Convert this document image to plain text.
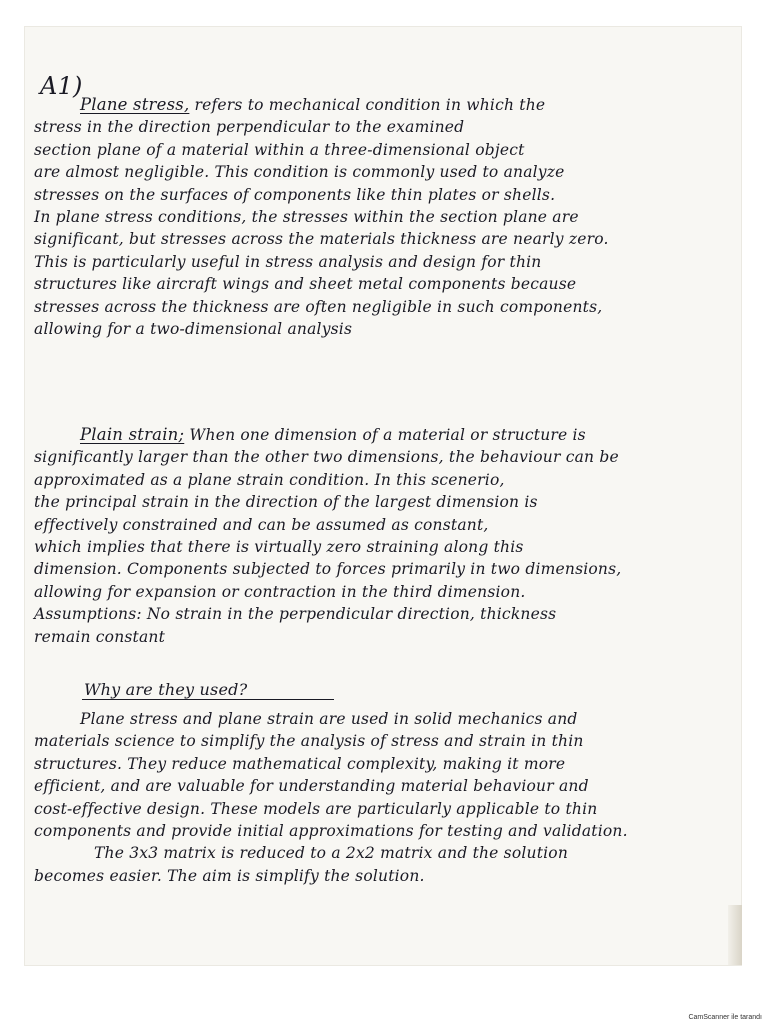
A1)
Plane stress, refers to mechanical condition in which the
stress in the direction perpendicular to the examined
section plane of a material within a three-dimensional object
are almost negligible. This condition is commonly used to analyze
stresses on the surfaces of components like thin plates or shells.
In plane stress conditions, the stresses within the section plane are
significant, but stresses across the materials thickness are nearly zero.
This is particularly useful in stress analysis and design for thin
structures like aircraft wings and sheet metal components because
stresses across the thickness are often negligible in such components,
allowing for a two-dimensional analysis
Plain strain; When one dimension of a material or structure is
significantly larger than the other two dimensions, the behaviour can be
approximated as a plane strain condition. In this scenerio,
the principal strain in the direction of the largest dimension is
effectively constrained and can be assumed as constant,
which implies that there is virtually zero straining along this
dimension. Components subjected to forces primarily in two dimensions,
allowing for expansion or contraction in the third dimension.
Assumptions: No strain in the perpendicular direction, thickness
remain constant
Why are they used?
Plane stress and plane strain are used in solid mechanics and
materials science to simplify the analysis of stress and strain in thin
structures. They reduce mathematical complexity, making it more
efficient, and are valuable for understanding material behaviour and
cost-effective design. These models are particularly applicable to thin
components and provide initial approximations for testing and validation.
The 3x3 matrix is reduced to a 2x2 matrix and the solution
becomes easier. The aim is simplify the solution.
CamScanner ile tarandı
